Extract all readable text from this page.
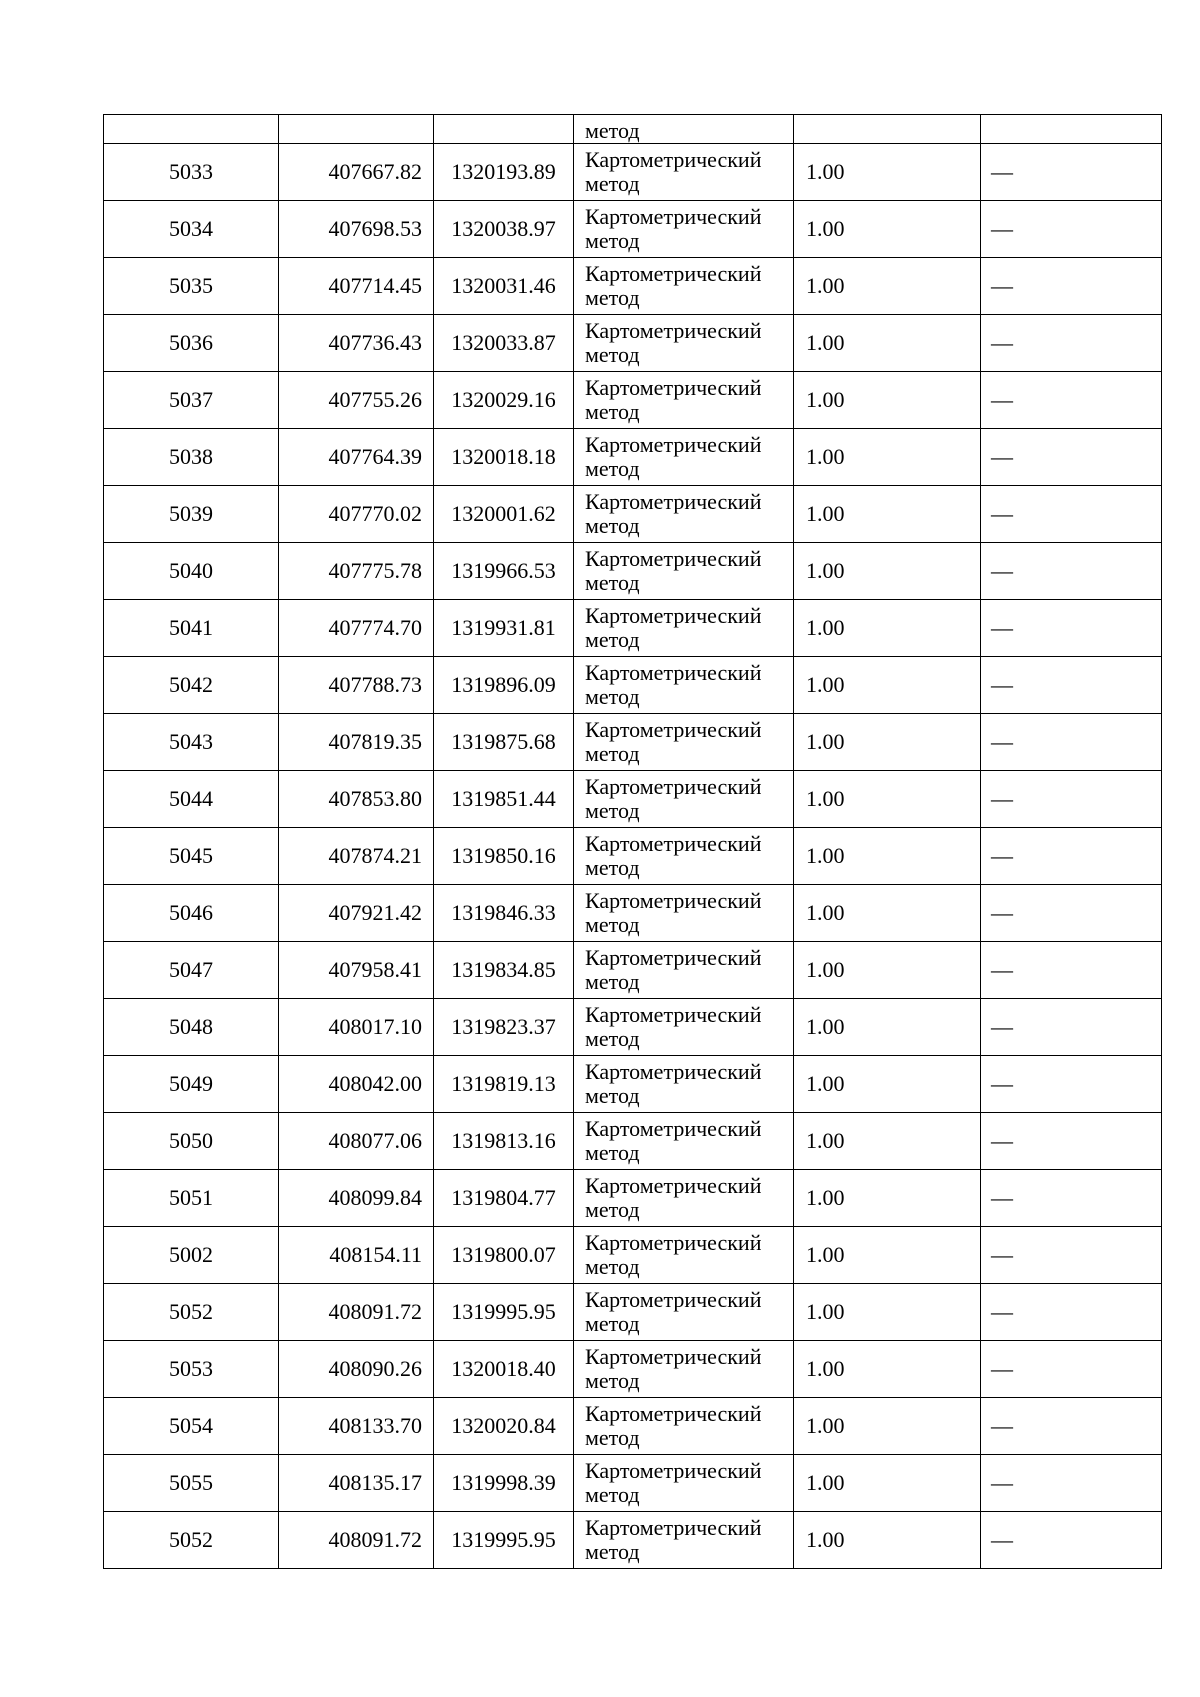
			метод		

5033	407667.82	1320193.89	Картометрический
метод	1.00	—
5034	407698.53	1320038.97	Картометрический
метод	1.00	—
5035	407714.45	1320031.46	Картометрический
метод	1.00	—
5036	407736.43	1320033.87	Картометрический
метод	1.00	—
5037	407755.26	1320029.16	Картометрический
метод	1.00	—
5038	407764.39	1320018.18	Картометрический
метод	1.00	—
5039	407770.02	1320001.62	Картометрический
метод	1.00	—
5040	407775.78	1319966.53	Картометрический
метод	1.00	—
5041	407774.70	1319931.81	Картометрический
метод	1.00	—
5042	407788.73	1319896.09	Картометрический
метод	1.00	—
5043	407819.35	1319875.68	Картометрический
метод	1.00	—
5044	407853.80	1319851.44	Картометрический
метод	1.00	—
5045	407874.21	1319850.16	Картометрический
метод	1.00	—
5046	407921.42	1319846.33	Картометрический
метод	1.00	—
5047	407958.41	1319834.85	Картометрический
метод	1.00	—
5048	408017.10	1319823.37	Картометрический
метод	1.00	—
5049	408042.00	1319819.13	Картометрический
метод	1.00	—
5050	408077.06	1319813.16	Картометрический
метод	1.00	—
5051	408099.84	1319804.77	Картометрический
метод	1.00	—
5002	408154.11	1319800.07	Картометрический
метод	1.00	—
5052	408091.72	1319995.95	Картометрический
метод	1.00	—
5053	408090.26	1320018.40	Картометрический
метод	1.00	—
5054	408133.70	1320020.84	Картометрический
метод	1.00	—
5055	408135.17	1319998.39	Картометрический
метод	1.00	—
5052	408091.72	1319995.95	Картометрический
метод	1.00	—
